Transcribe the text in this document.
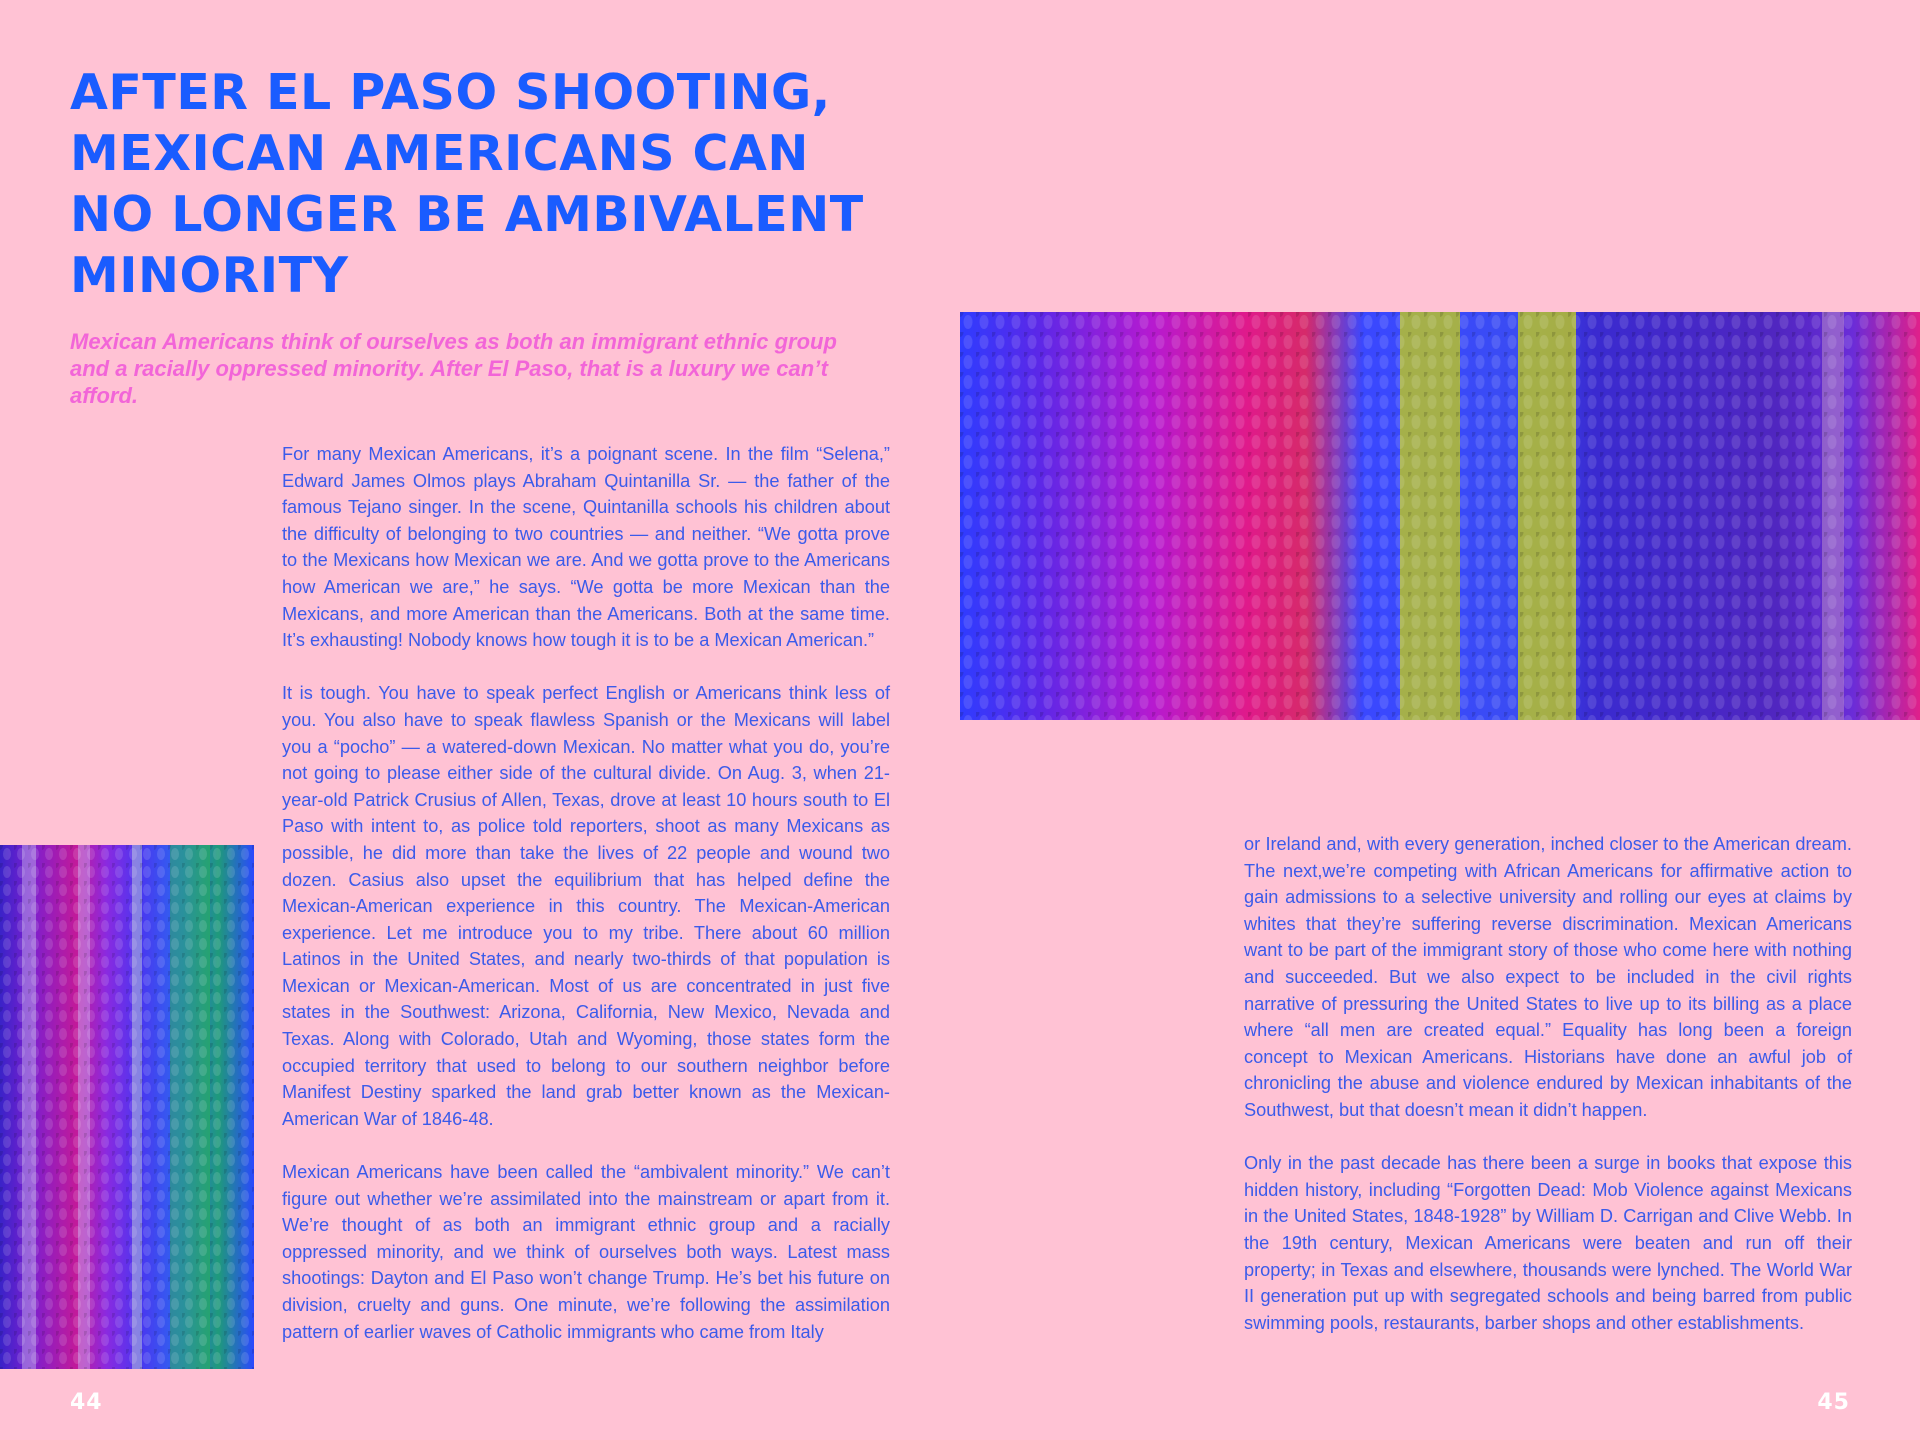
AFTER EL PASO SHOOTING,
MEXICAN AMERICANS CAN
NO LONGER BE AMBIVALENT
MINORITY

Mexican Americans think of ourselves as both an immigrant ethnic group and a racially oppressed minority. After El Paso, that is a luxury we can’t afford.

For many Mexican Americans, it’s a poignant scene. In the film “Selena,” Edward James Olmos plays Abraham Quintanilla Sr. — the father of the famous Tejano singer. In the scene, Quintanilla schools his children about the difficulty of belonging to two countries — and neither. “We gotta prove to the Mexicans how Mexican we are. And we gotta prove to the Americans how American we are,” he says. “We gotta be more Mexican than the Mexicans, and more American than the Americans. Both at the same time. It’s exhausting! Nobody knows how tough it is to be a Mexican American.”

It is tough. You have to speak perfect English or Americans think less of you. You also have to speak flawless Spanish or the Mexicans will label you a “pocho” — a watered-down Mexican. No matter what you do, you’re not going to please either side of the cultural divide. On Aug. 3, when 21-year-old Patrick Crusius of Allen, Texas, drove at least 10 hours south to El Paso with intent to, as police told reporters, shoot as many Mexicans as possible, he did more than take the lives of 22 people and wound two dozen. Casius also upset the equilibrium that has helped define the Mexican-American experience in this country. The Mexican-American experience. Let me introduce you to my tribe. There about 60 million Latinos in the United States, and nearly two-thirds of that population is Mexican or Mexican-American. Most of us are concentrated in just five states in the Southwest: Arizona, California, New Mexico, Nevada and Texas. Along with Colorado, Utah and Wyoming, those states form the occupied territory that used to belong to our southern neighbor before Manifest Destiny sparked the land grab better known as the Mexican-American War of 1846-48.

Mexican Americans have been called the “ambivalent minority.” We can’t figure out whether we’re assimilated into the mainstream or apart from it. We’re thought of as both an immigrant ethnic group and a racially oppressed minority, and we think of ourselves both ways. Latest mass shootings: Dayton and El Paso won’t change Trump. He’s bet his future on division, cruelty and guns. One minute, we’re following the assimilation pattern of earlier waves of Catholic immigrants who came from Italy

or Ireland and, with every generation, inched closer to the American dream. The next,we’re competing with African Americans for affirmative action to gain admissions to a selective university and rolling our eyes at claims by whites that they’re suffering reverse discrimination. Mexican Americans want to be part of the immigrant story of those who come here with nothing and succeeded. But we also expect to be included in the civil rights narrative of pressuring the United States to live up to its billing as a place where “all men are created equal.” Equality has long been a foreign concept to Mexican Americans. Historians have done an awful job of chronicling the abuse and violence endured by Mexican inhabitants of the Southwest, but that doesn’t mean it didn’t happen.

Only in the past decade has there been a surge in books that expose this hidden history, including “Forgotten Dead: Mob Violence against Mexicans in the United States, 1848-1928” by William D. Carrigan and Clive Webb. In the 19th century, Mexican Americans were beaten and run off their property; in Texas and elsewhere, thousands were lynched. The World War II generation put up with segregated schools and being barred from public swimming pools, restaurants, barber shops and other establishments.

44	45
